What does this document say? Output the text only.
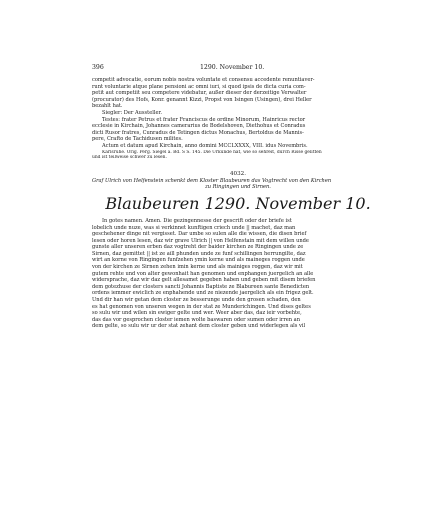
396	1290. November 10.

competit advocatie, eorum nobis nostra voluntate et consensu accedente renuntiaver-

runt voluntarie atque plane pensioni ac omni iuri, si quod ipsis de dicta curia com-

petit aut competiit seu competere videbatur, außer dieser der derzeitige Verwalter

(procurator) des Hofs, Konr. genannt Kizzi, Propst von Isingen (Usingen), drei Heller

bezahlt hat.

Siegler: Der Aussteller.

Testes: frater Petrus et frater Franciscus de ordine Minorum, Hainricus rector

ecclesie in Kirchain, Johannes camerarius de Bodelshoven, Diethohus et Conradus

dicti Rusor fratres, Cunradus de Tetingen dictus Monachus, Bertoldus de Mannis-

pere, Crafto de Tachidusen milites.

Actum et datum apud Kirchain, anno domini MCCLXXXX, VIII. idus Novembris.

Karlsruhe. Orig. Perg. Siegel a. Bd. S S. 145. Die Urkunde hat, wie so sehreit, durch Risse gelitten

und ist teilweise schwer zu lesen.

4032.

Graf Ulrich von Helfenstein schenkt dem Kloster Blaubeuren das Vogtrecht von den Kirchen

zu Ringingen und Sirnen.

Blaubeuren 1290. November 10.

In gotes namen. Amen. Die gezingennesse der gescrift oder der briefe ist

lobelich unde nuze, was si verkinnet kunftigen criech unde || machet, daz man

geschehener dinge nit vergisset. Dar umbe so sulen alle die wissen, die disen brief

lesen oder horen lesen, daz wir grave Ulrich || von Helfenstain mit dem willen unde

gunste aller unseren erben daz vogtreht der baider kirchen ze Ringingen unde ze

Sirnen, daz gemittet || ist ze aill phunden unde ze funf schillingen herrungilte, daz

wirt an korne von Ringingen funfzehen ymin kerne und als maineges roggen unde

von der kirchen ze Sirnen zehen imin kerne und als mainiges roggen, daz wir mit

gutem rehte und von alter gewonhait han genomen und enphangen juergelich an alle

widersprache, daz wir daz gelt allesamet gegeben haben und geben mit disem briefen

dem gotezhuse der closters sancti Johannis Baptiste ze Blabureen sante Benedicten

ordens iemmer ewiclich ze enphahende und ze niezende jaergelich als ein frigez gelt.

Und dir han wir getan dem closter ze besserunge unde den grosen schaden, den

es hat genomen von unseren wegen in der stat ze Munderichingen. Und dises geltes

so sulu wir und wilen sin ewiger gelte und wer. Weer aber das, daz ieir vorbehte,

das das vor gesprochen closter iemen wolte baswaren oder sumen oder irren an

dem gelte, so sulu wir ur der stat zehant dem closter geben und widerlegen als vil
